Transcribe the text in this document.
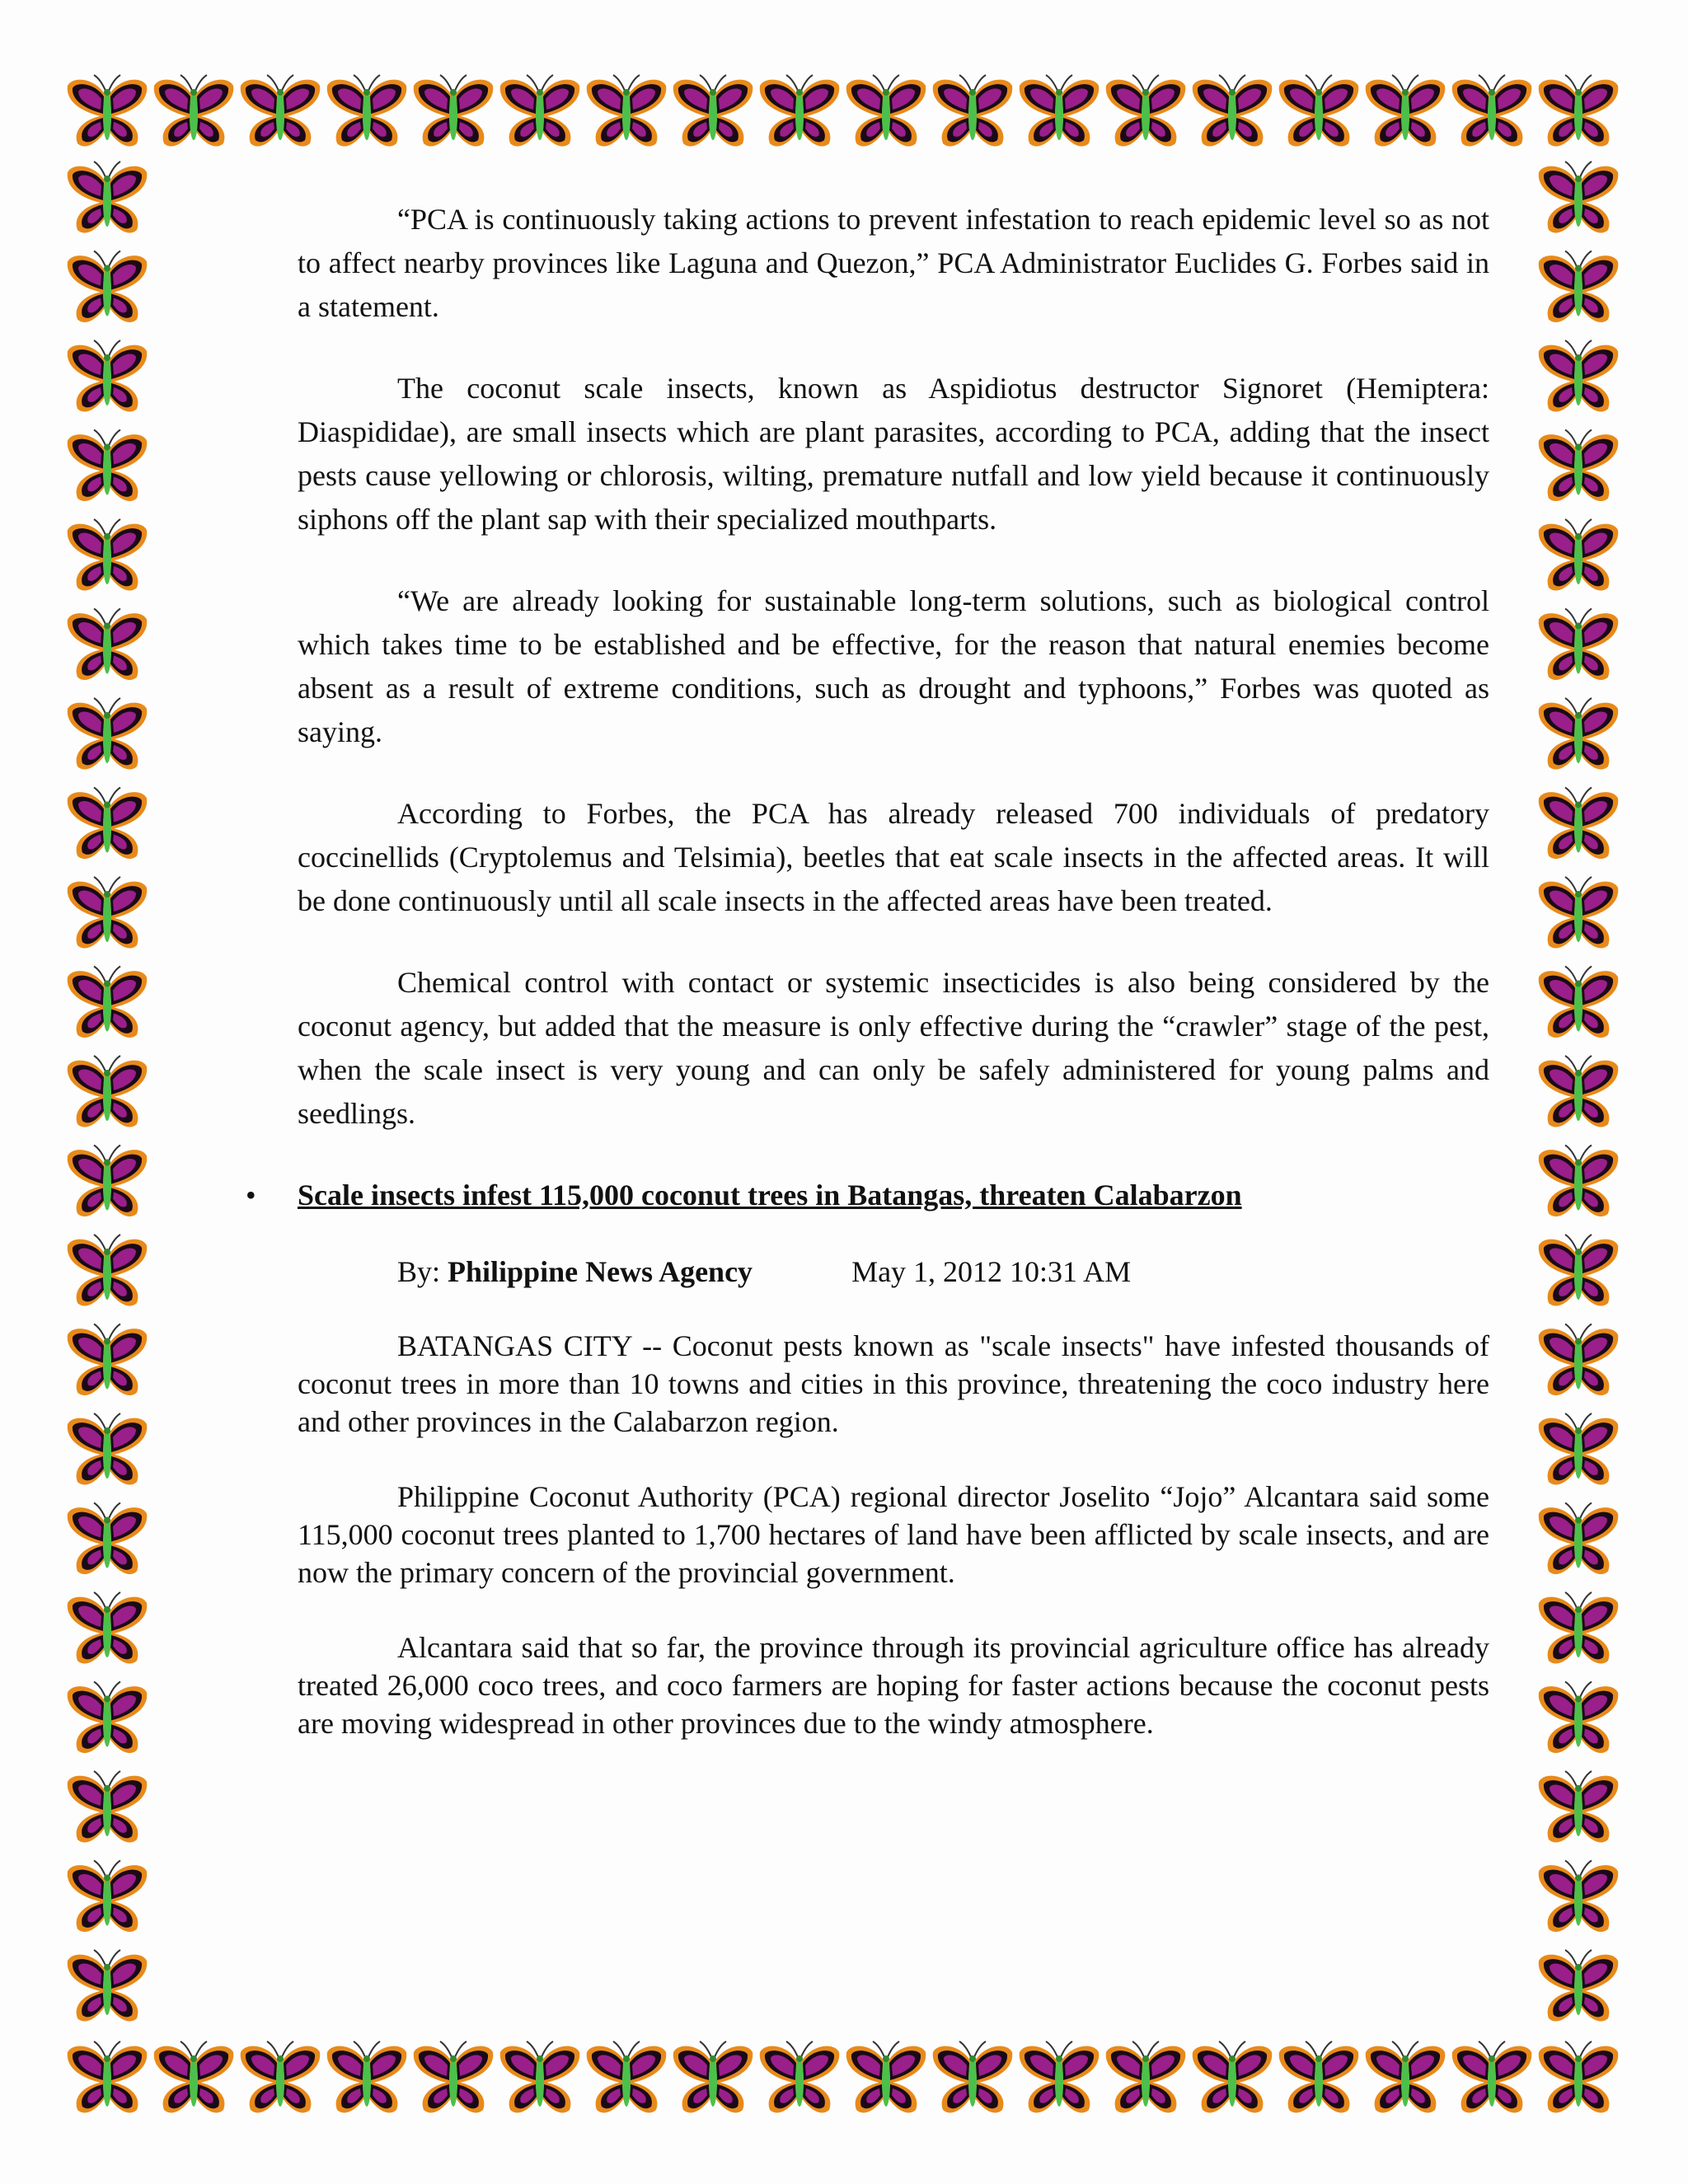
“PCA is continuously taking actions to prevent infestation to reach epidemic level so as not to affect nearby provinces like Laguna and Quezon,” PCA Administrator Euclides G. Forbes said in a statement.

The coconut scale insects, known as Aspidiotus destructor Signoret (Hemiptera: Diaspididae), are small insects which are plant parasites, according to PCA, adding that the insect pests cause yellowing or chlorosis, wilting, premature nutfall and low yield because it continuously siphons off the plant sap with their specialized mouthparts.

“We are already looking for sustainable long-term solutions, such as biological control which takes time to be established and be effective, for the reason that natural enemies become absent as a result of extreme conditions, such as drought and typhoons,” Forbes was quoted as saying.

According to Forbes, the PCA has already released 700 individuals of predatory coccinellids (Cryptolemus and Telsimia), beetles that eat scale insects in the affected areas. It will be done continuously until all scale insects in the affected areas have been treated.

Chemical control with contact or systemic insecticides is also being considered by the coconut agency, but added that the measure is only effective during the “crawler” stage of the pest, when the scale insect is very young and can only be safely administered for young palms and seedlings.

• Scale insects infest 115,000 coconut trees in Batangas, threaten Calabarzon
By: Philippine News Agency	May 1, 2012 10:31 AM

BATANGAS CITY -- Coconut pests known as "scale insects" have infested thousands of coconut trees in more than 10 towns and cities in this province, threatening the coco industry here and other provinces in the Calabarzon region.

Philippine Coconut Authority (PCA) regional director Joselito “Jojo” Alcantara said some 115,000 coconut trees planted to 1,700 hectares of land have been afflicted by scale insects, and are now the primary concern of the provincial government.

Alcantara said that so far, the province through its provincial agriculture office has already treated 26,000 coco trees, and coco farmers are hoping for faster actions because the coconut pests are moving widespread in other provinces due to the windy atmosphere.
